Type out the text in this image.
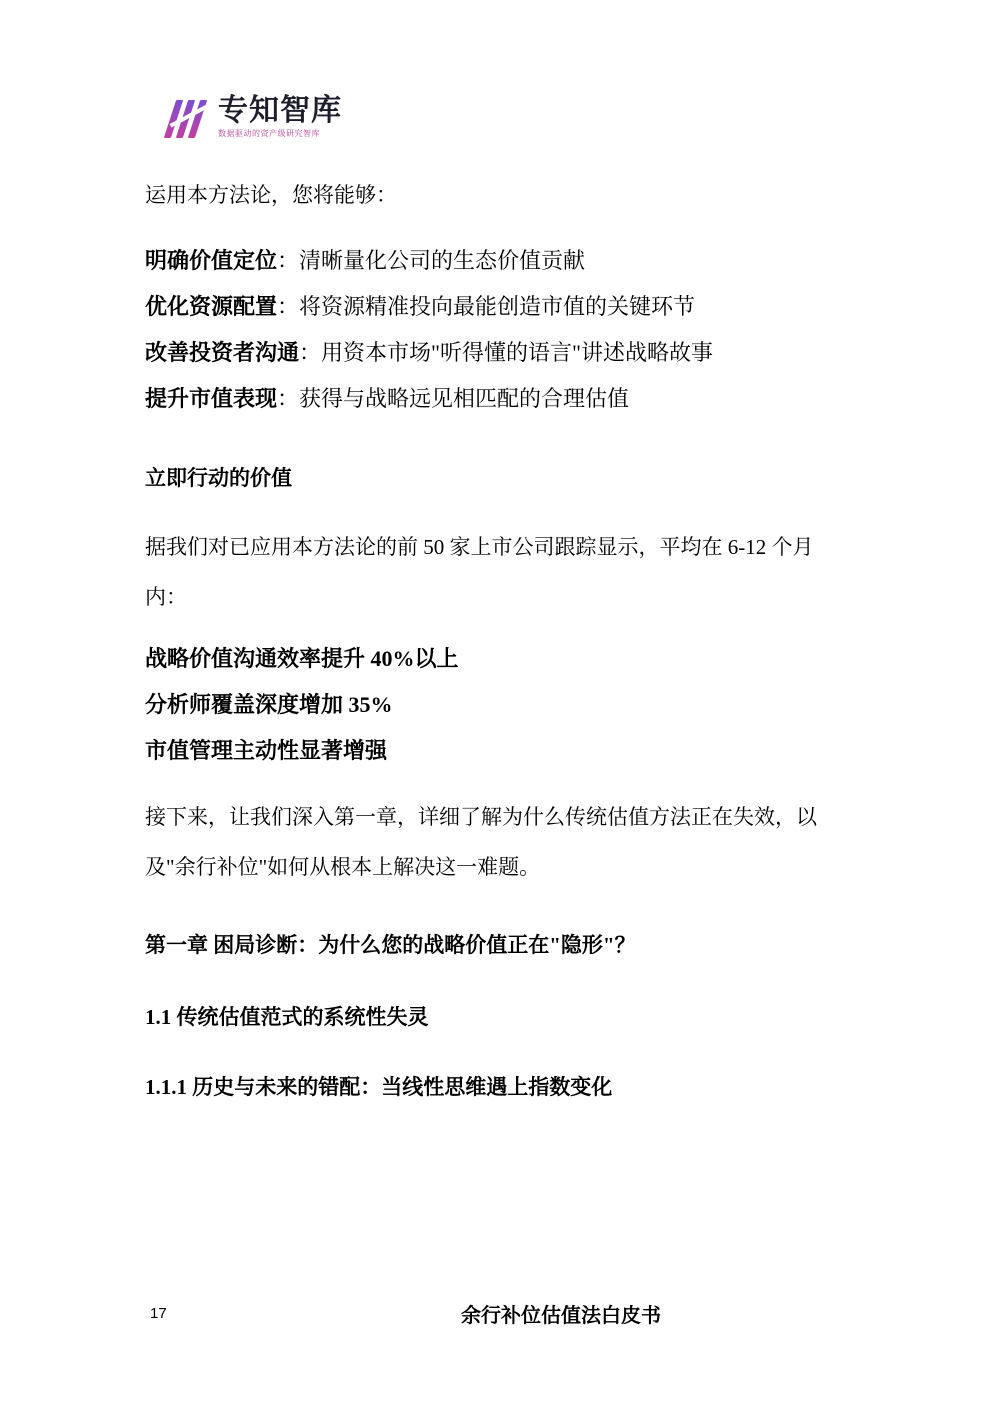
专知智库
数据驱动的资产级研究智库

运用本方法论，您将能够：

明确价值定位：清晰量化公司的生态价值贡献
优化资源配置：将资源精准投向最能创造市值的关键环节
改善投资者沟通：用资本市场"听得懂的语言"讲述战略故事
提升市值表现：获得与战略远见相匹配的合理估值
立即行动的价值

据我们对已应用本方法论的前 50 家上市公司跟踪显示，平均在 6-12 个月内：

战略价值沟通效率提升 40%以上
分析师覆盖深度增加 35%
市值管理主动性显著增强

接下来，让我们深入第一章，详细了解为什么传统估值方法正在失效，以及"余行补位"如何从根本上解决这一难题。

第一章 困局诊断：为什么您的战略价值正在"隐形"？
1.1 传统估值范式的系统性失灵
1.1.1 历史与未来的错配：当线性思维遇上指数变化
17	余行补位估值法白皮书
